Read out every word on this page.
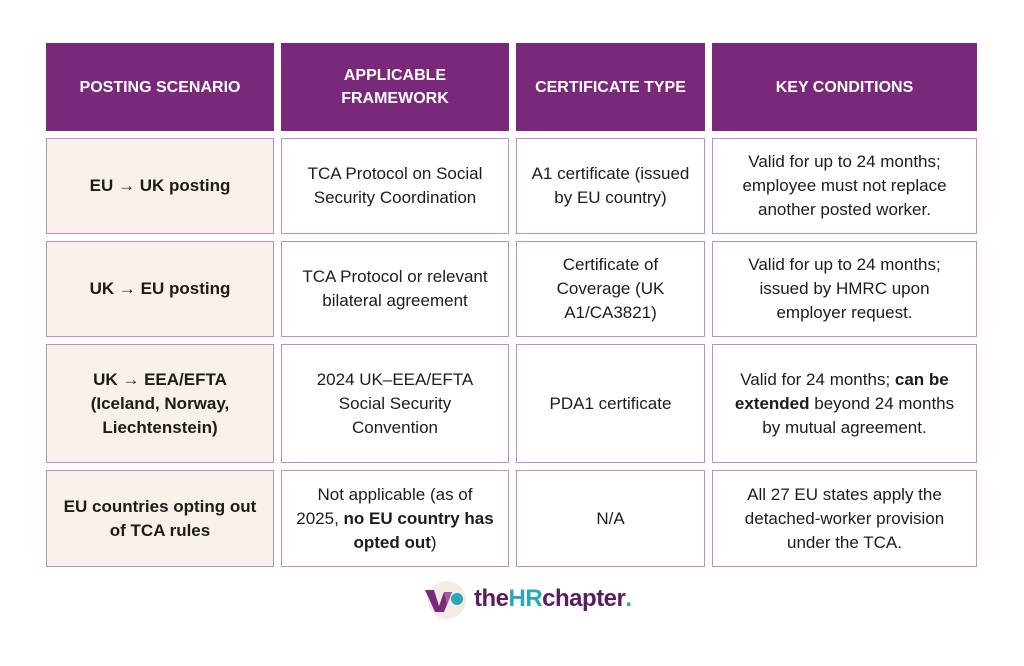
POSTING SCENARIO
APPLICABLE FRAMEWORK
CERTIFICATE TYPE	KEY CONDITIONS
EU → UK posting
TCA Protocol on Social Security Coordination
A1 certificate (issued by EU country)
Valid for up to 24 months; employee must not replace another posted worker.
UK → EU posting
TCA Protocol or relevant bilateral agreement
Certificate of Coverage (UK A1/CA3821)
Valid for up to 24 months; issued by HMRC upon employer request.
UK → EEA/EFTA (Iceland, Norway, Liechtenstein)
2024 UK–EEA/EFTA Social Security Convention
PDA1 certificate
Valid for 24 months; can be extended beyond 24 months by mutual agreement.
EU countries opting out of TCA rules
Not applicable (as of 2025, no EU country has opted out)
N/A
All 27 EU states apply the detached-worker provision under the TCA.
the HR chapter .
